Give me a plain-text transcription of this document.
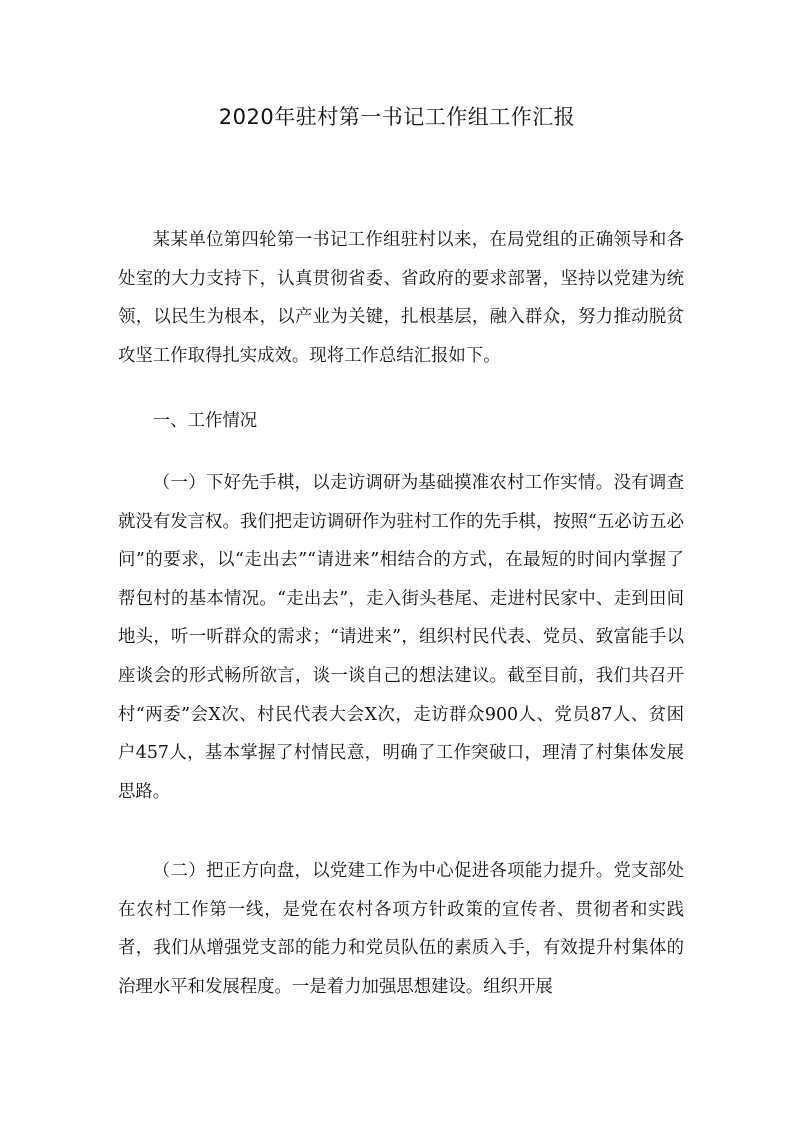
2020年驻村第一书记工作组工作汇报

某某单位第四轮第一书记工作组驻村以来，在局党组的正确领导和各处室的大力支持下，认真贯彻省委、省政府的要求部署，坚持以党建为统领，以民生为根本，以产业为关键，扎根基层，融入群众，努力推动脱贫攻坚工作取得扎实成效。现将工作总结汇报如下。

一、工作情况

（一）下好先手棋，以走访调研为基础摸准农村工作实情。没有调查就没有发言权。我们把走访调研作为驻村工作的先手棋，按照“五必访五必问”的要求，以“走出去”“请进来”相结合的方式，在最短的时间内掌握了帮包村的基本情况。“走出去”，走入街头巷尾、走进村民家中、走到田间地头，听一听群众的需求；“请进来”，组织村民代表、党员、致富能手以座谈会的形式畅所欲言，谈一谈自己的想法建议。截至目前，我们共召开村“两委”会X次、村民代表大会X次，走访群众900人、党员87人、贫困户457人，基本掌握了村情民意，明确了工作突破口，理清了村集体发展思路。

（二）把正方向盘，以党建工作为中心促进各项能力提升。党支部处在农村工作第一线，是党在农村各项方针政策的宣传者、贯彻者和实践者，我们从增强党支部的能力和党员队伍的素质入手，有效提升村集体的治理水平和发展程度。一是着力加强思想建设。组织开展
